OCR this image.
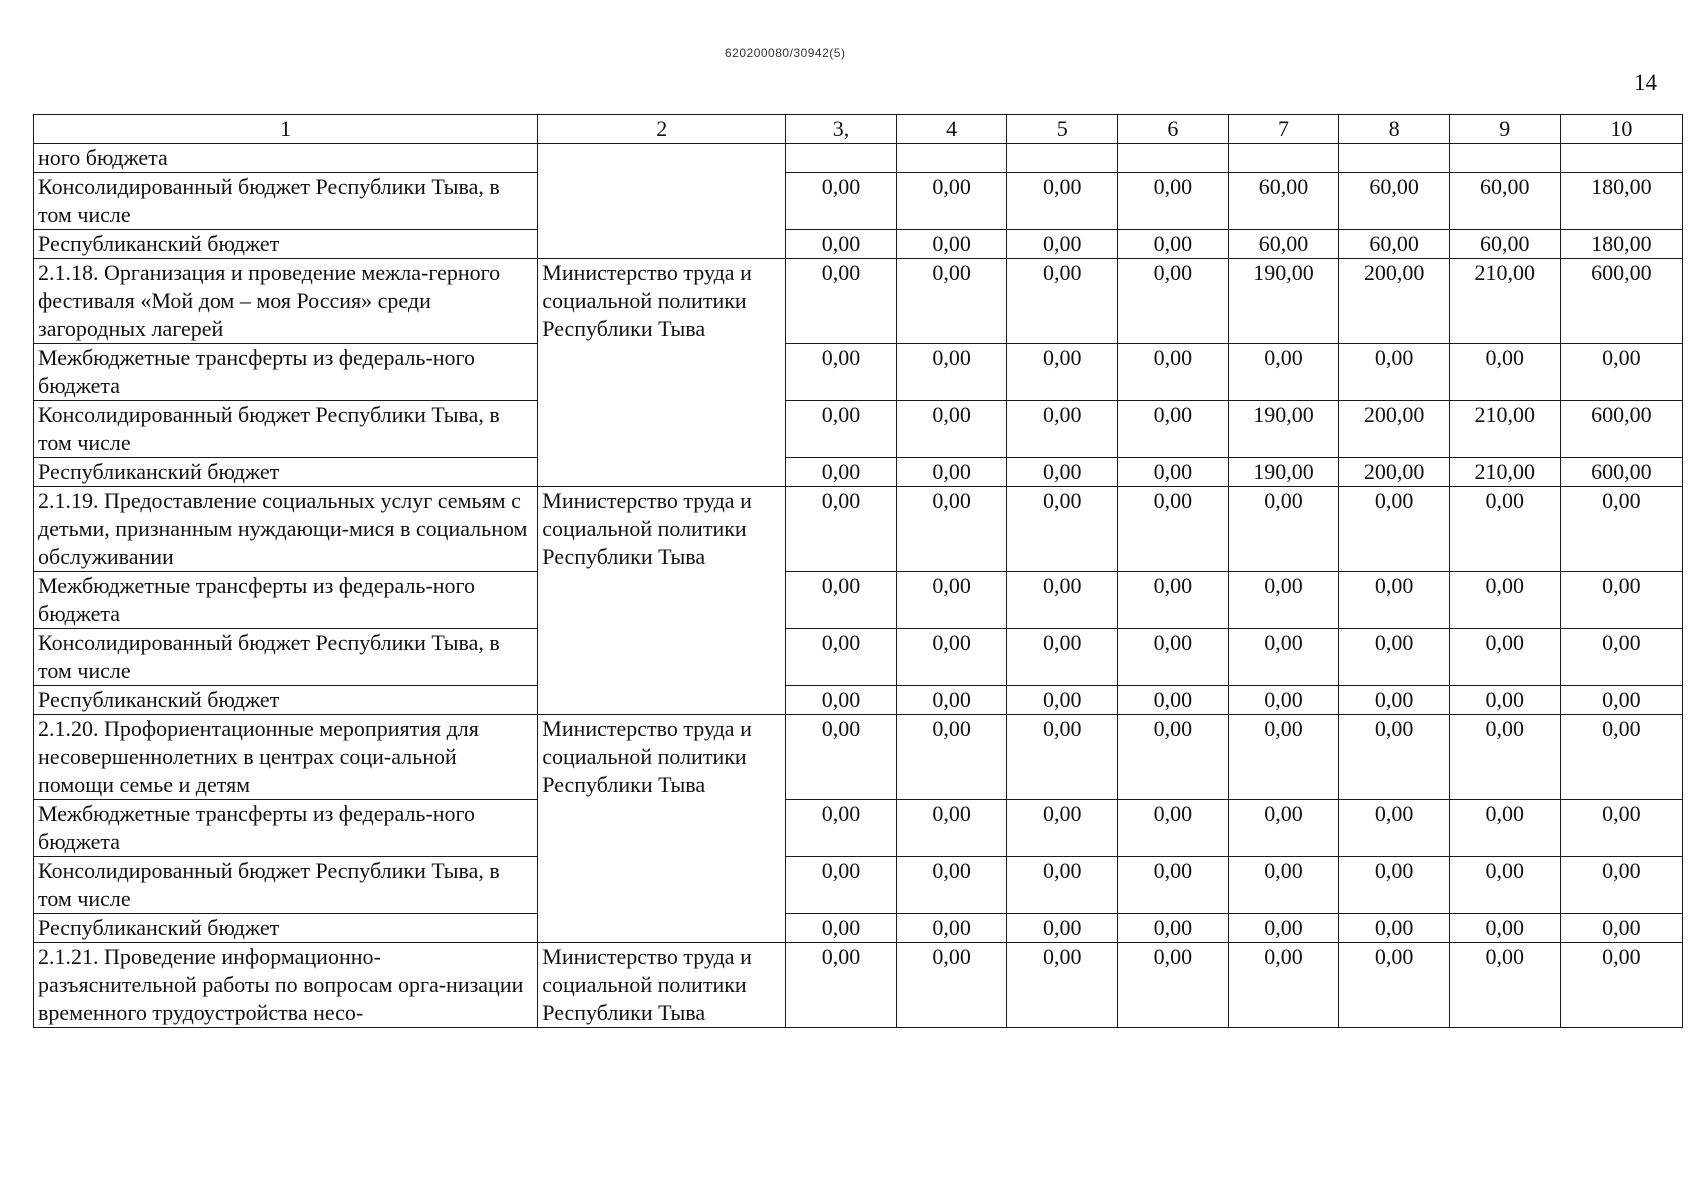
620200080/30942(5)
14
1	2	3,	4	5	6	7	8	9	10
ного бюджета									
Консолидированный бюджет Республики Тыва, в том числе		0,00	0,00	0,00	0,00	60,00	60,00	60,00	180,00
Республиканский бюджет		0,00	0,00	0,00	0,00	60,00	60,00	60,00	180,00
2.1.18. Организация и проведение межла-герного фестиваля «Мой дом – моя Россия» среди загородных лагерей	Министерство труда и социальной политики Республики Тыва	0,00	0,00	0,00	0,00	190,00	200,00	210,00	600,00
Межбюджетные трансферты из федераль-ного бюджета		0,00	0,00	0,00	0,00	0,00	0,00	0,00	0,00
Консолидированный бюджет Республики Тыва, в том числе		0,00	0,00	0,00	0,00	190,00	200,00	210,00	600,00
Республиканский бюджет		0,00	0,00	0,00	0,00	190,00	200,00	210,00	600,00
2.1.19. Предоставление социальных услуг семьям с детьми, признанным нуждающи-мися в социальном обслуживании	Министерство труда и социальной политики Республики Тыва	0,00	0,00	0,00	0,00	0,00	0,00	0,00	0,00
Межбюджетные трансферты из федераль-ного бюджета		0,00	0,00	0,00	0,00	0,00	0,00	0,00	0,00
Консолидированный бюджет Республики Тыва, в том числе		0,00	0,00	0,00	0,00	0,00	0,00	0,00	0,00
Республиканский бюджет		0,00	0,00	0,00	0,00	0,00	0,00	0,00	0,00
2.1.20. Профориентационные мероприятия для несовершеннолетних в центрах соци-альной помощи семье и детям	Министерство труда и социальной политики Республики Тыва	0,00	0,00	0,00	0,00	0,00	0,00	0,00	0,00
Межбюджетные трансферты из федераль-ного бюджета		0,00	0,00	0,00	0,00	0,00	0,00	0,00	0,00
Консолидированный бюджет Республики Тыва, в том числе		0,00	0,00	0,00	0,00	0,00	0,00	0,00	0,00
Республиканский бюджет		0,00	0,00	0,00	0,00	0,00	0,00	0,00	0,00
2.1.21. Проведение информационно-разъяснительной работы по вопросам орга-низации временного трудоустройства несо-	Министерство труда и социальной политики Республики Тыва	0,00	0,00	0,00	0,00	0,00	0,00	0,00	0,00
